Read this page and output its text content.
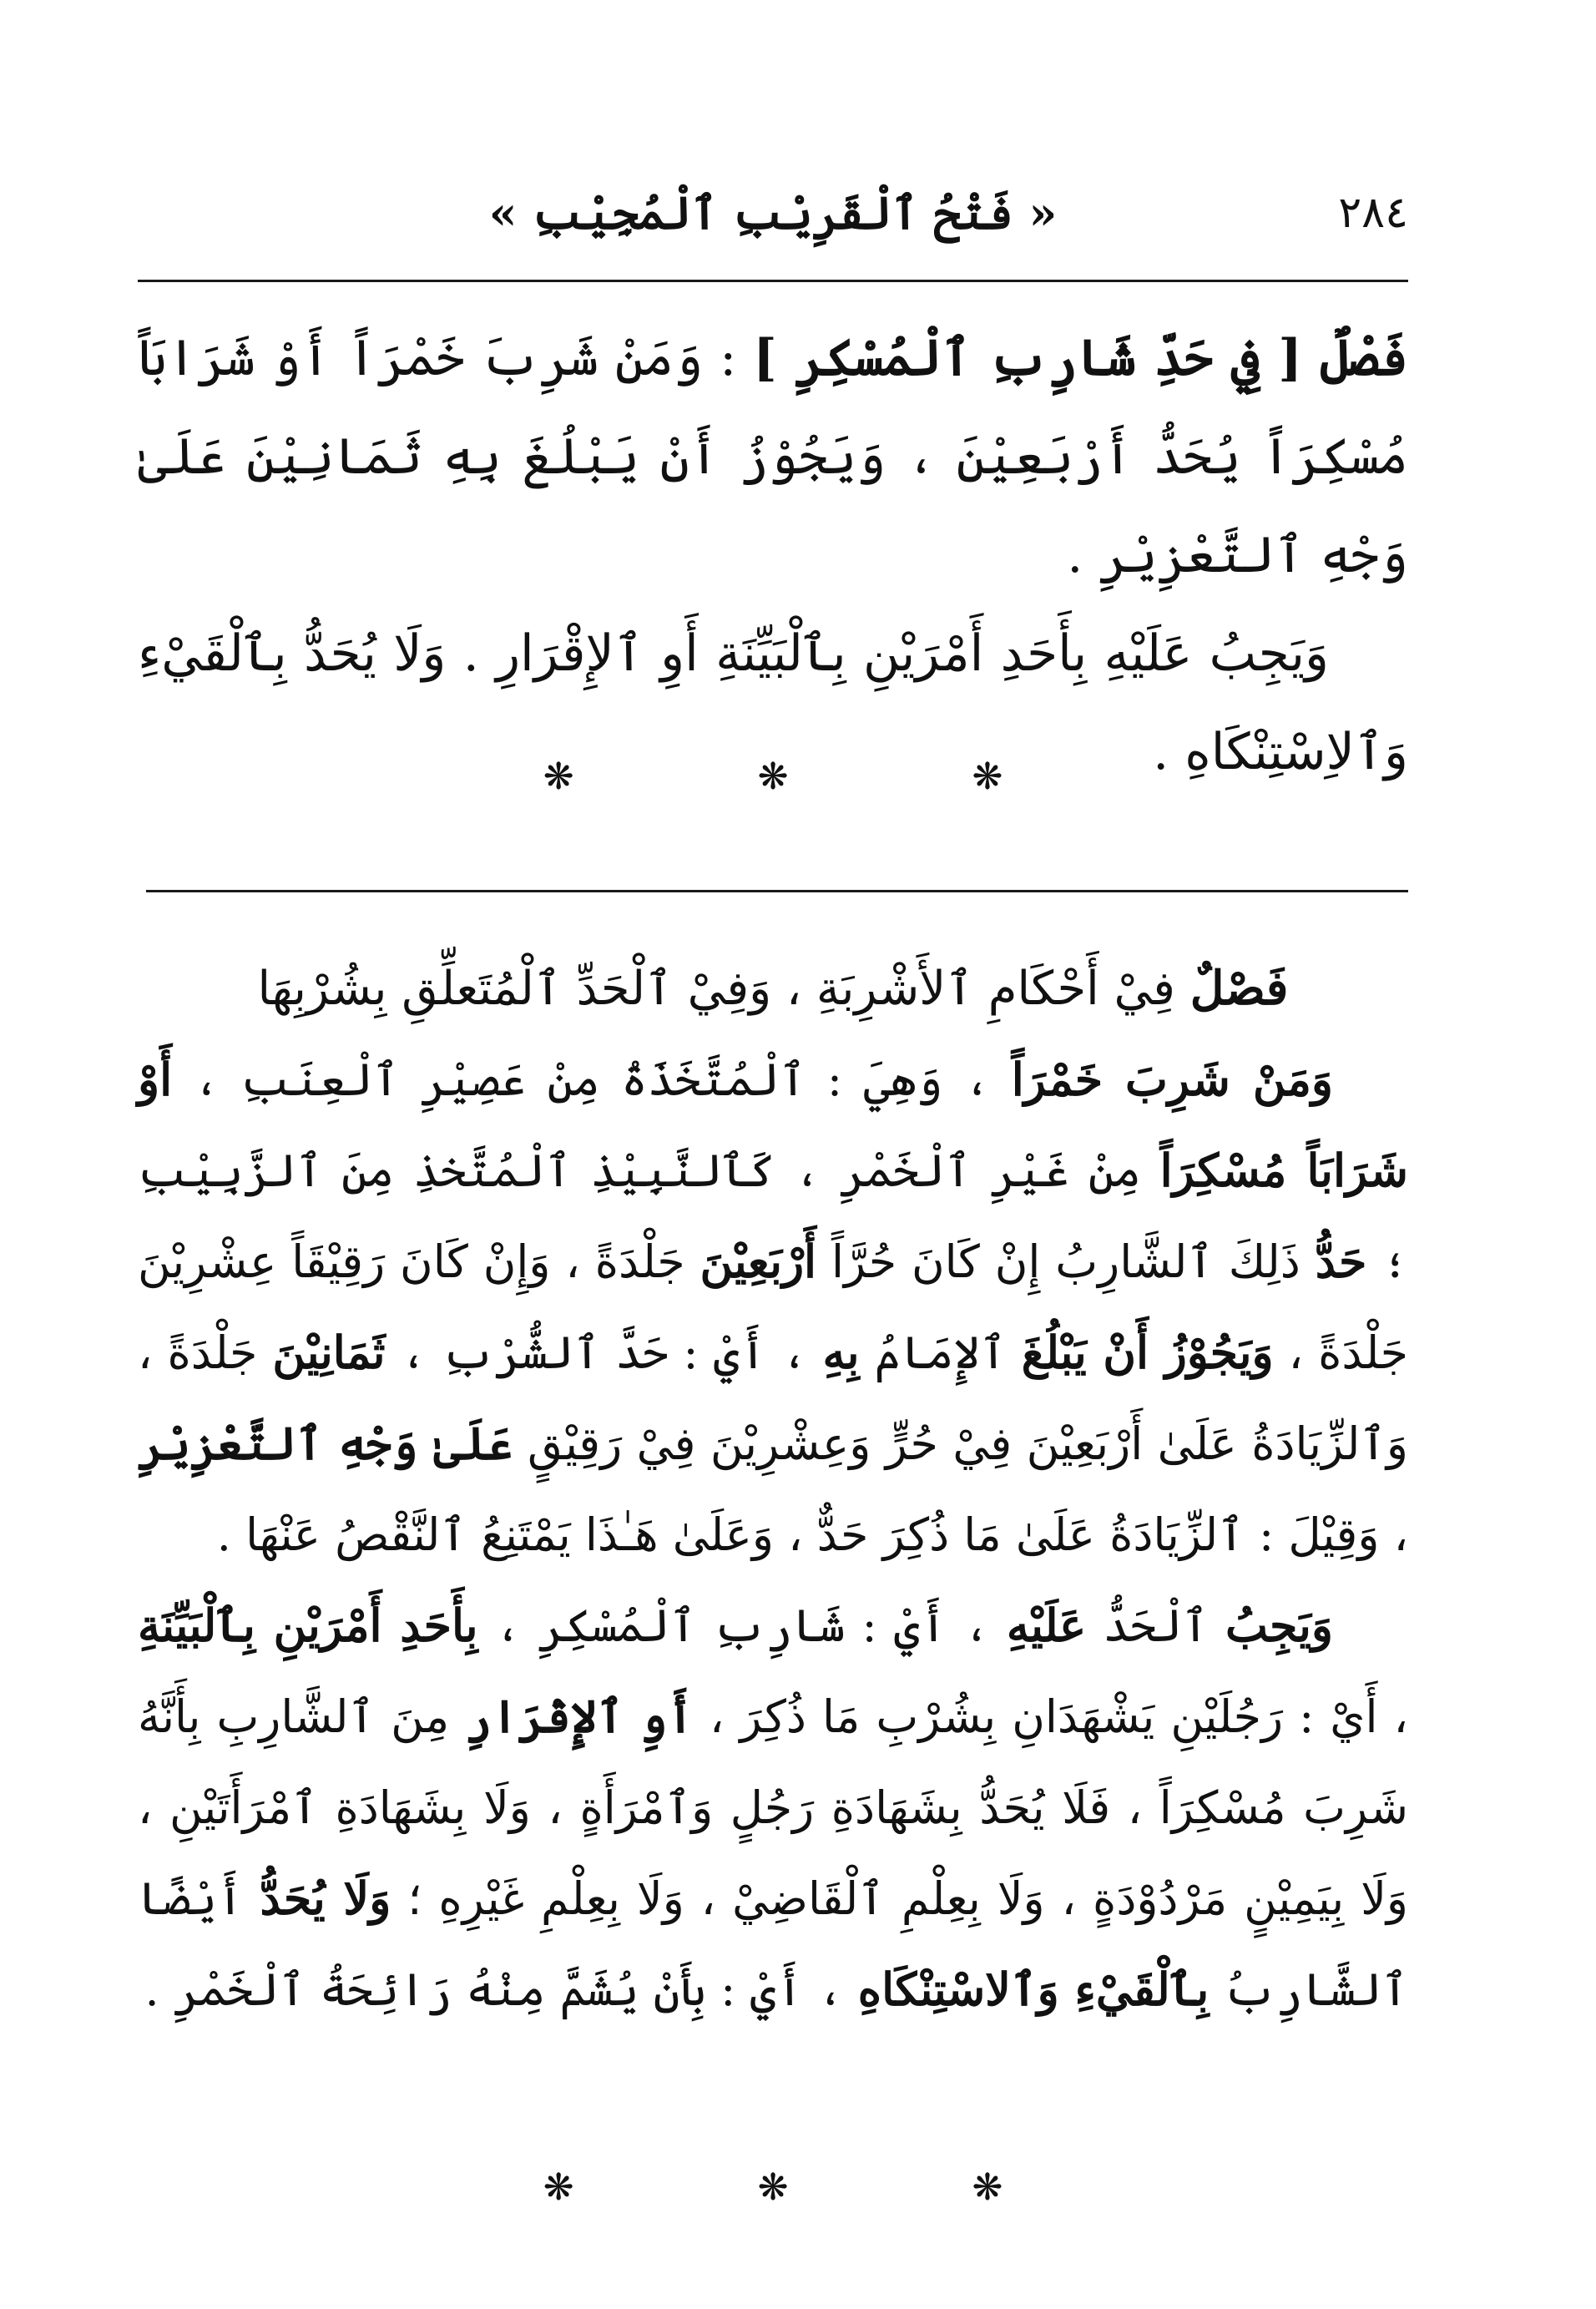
« فَتْحُ ٱلْقَرِيْبِ ٱلْمُجِيْبِ »	٢٨٤

فَصْلٌ [ فِي حَدِّ شَارِبِ ٱلْمُسْكِرِ ] : وَمَنْ شَرِبَ خَمْرَاً أَوْ شَرَابَاً مُسْكِرَاً يُحَدُّ أَرْبَعِيْنَ ، وَيَجُوْزُ أَنْ يَبْلُغَ بِهِ ثَمَانِيْنَ عَلَىٰ وَجْهِ ٱلتَّعْزِيْرِ .

وَيَجِبُ عَلَيْهِ بِأَحَدِ أَمْرَيْنِ بِٱلْبَيِّنَةِ أَوِ ٱلإِقْرَارِ . وَلَا يُحَدُّ بِٱلْقَيْءِ وَٱلاِسْتِنْكَاهِ .

❋	❋	❋

فَصْلٌ فِيْ أَحْكَامِ ٱلأَشْرِبَةِ ، وَفِيْ ٱلْحَدِّ ٱلْمُتَعلِّقِ بِشُرْبِهَا

وَمَنْ شَرِبَ خَمْرَاً ، وَهِيَ : ٱلْمُتَّخَذَةُ مِنْ عَصِيْرِ ٱلْعِنَبِ ، أَوْ شَرَابَاً مُسْكِرَاً مِنْ غَيْرِ ٱلْخَمْرِ ، كَٱلنَّبِيْذِ ٱلْمُتَّخذِ مِنَ ٱلزَّبِيْبِ ؛ حَدُّ ذَلِكَ ٱلشَّارِبُ إِنْ كَانَ حُرَّاً أَرْبَعِيْنَ جَلْدَةً ، وَإِنْ كَانَ رَقِيْقَاً عِشْرِيْنَ جَلْدَةً ، وَيَجُوْزُ أَنْ يَبْلُغَ ٱلإِمَامُ بِهِ ، أَيْ : حَدَّ ٱلشُّرْبِ ، ثَمَانِيْنَ جَلْدَةً ، وَٱلزِّيَادَةُ عَلَىٰ أَرْبَعِيْنَ فِيْ حُرٍّ وَعِشْرِيْنَ فِيْ رَقِيْقٍ عَلَىٰ وَجْهِ ٱلتَّعْزِيْرِ ، وَقِيْلَ : ٱلزِّيَادَةُ عَلَىٰ مَا ذُكِرَ حَدٌّ ، وَعَلَىٰ هَـٰذَا يَمْتَنِعُ ٱلنَّقْصُ عَنْهَا .

وَيَجِبُ ٱلْحَدُّ عَلَيْهِ ، أَيْ : شَارِبِ ٱلْمُسْكِرِ ، بِأَحَدِ أَمْرَيْنِ بِٱلْبَيِّنَةِ ، أَيْ : رَجُلَيْنِ يَشْهَدَانِ بِشُرْبِ مَا ذُكِرَ ، أَوِ ٱلإِقْرَارِ مِنَ ٱلشَّارِبِ بِأَنَّهُ شَرِبَ مُسْكِرَاً ، فَلَا يُحَدُّ بِشَهَادَةِ رَجُلٍ وَٱمْرَأَةٍ ، وَلَا بِشَهَادَةِ ٱمْرَأَتَيْنِ ، وَلَا بِيَمِيْنٍ مَرْدُوْدَةٍ ، وَلَا بِعِلْمِ ٱلْقَاضِيْ ، وَلَا بِعِلْمِ غَيْرِهِ ؛ وَلَا يُحَدُّ أَيْضًا ٱلشَّارِبُ بِٱلْقَيْءِ وَٱلاسْتِنْكَاهِ ، أَيْ : بِأَنْ يُشَمَّ مِنْهُ رَائِحَةُ ٱلْخَمْرِ .

❋	❋	❋
